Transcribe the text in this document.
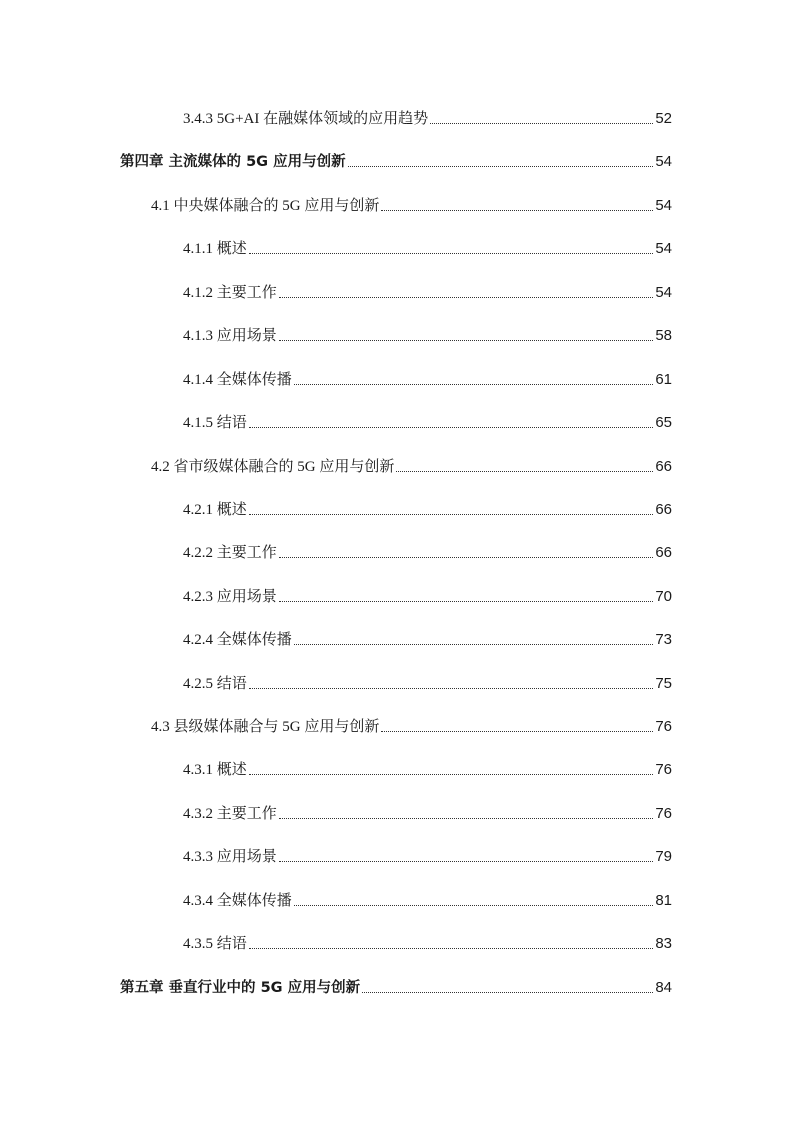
3.4.3 5G+AI 在融媒体领域的应用趋势	52
第四章 主流媒体的 5G 应用与创新	54
4.1 中央媒体融合的 5G 应用与创新	54
4.1.1 概述	54
4.1.2 主要工作	54
4.1.3 应用场景	58
4.1.4 全媒体传播	61
4.1.5 结语	65
4.2 省市级媒体融合的 5G 应用与创新	66
4.2.1 概述	66
4.2.2 主要工作	66
4.2.3 应用场景	70
4.2.4 全媒体传播	73
4.2.5 结语	75
4.3 县级媒体融合与 5G 应用与创新	76
4.3.1 概述	76
4.3.2 主要工作	76
4.3.3 应用场景	79
4.3.4 全媒体传播	81
4.3.5 结语	83
第五章 垂直行业中的 5G 应用与创新	84
